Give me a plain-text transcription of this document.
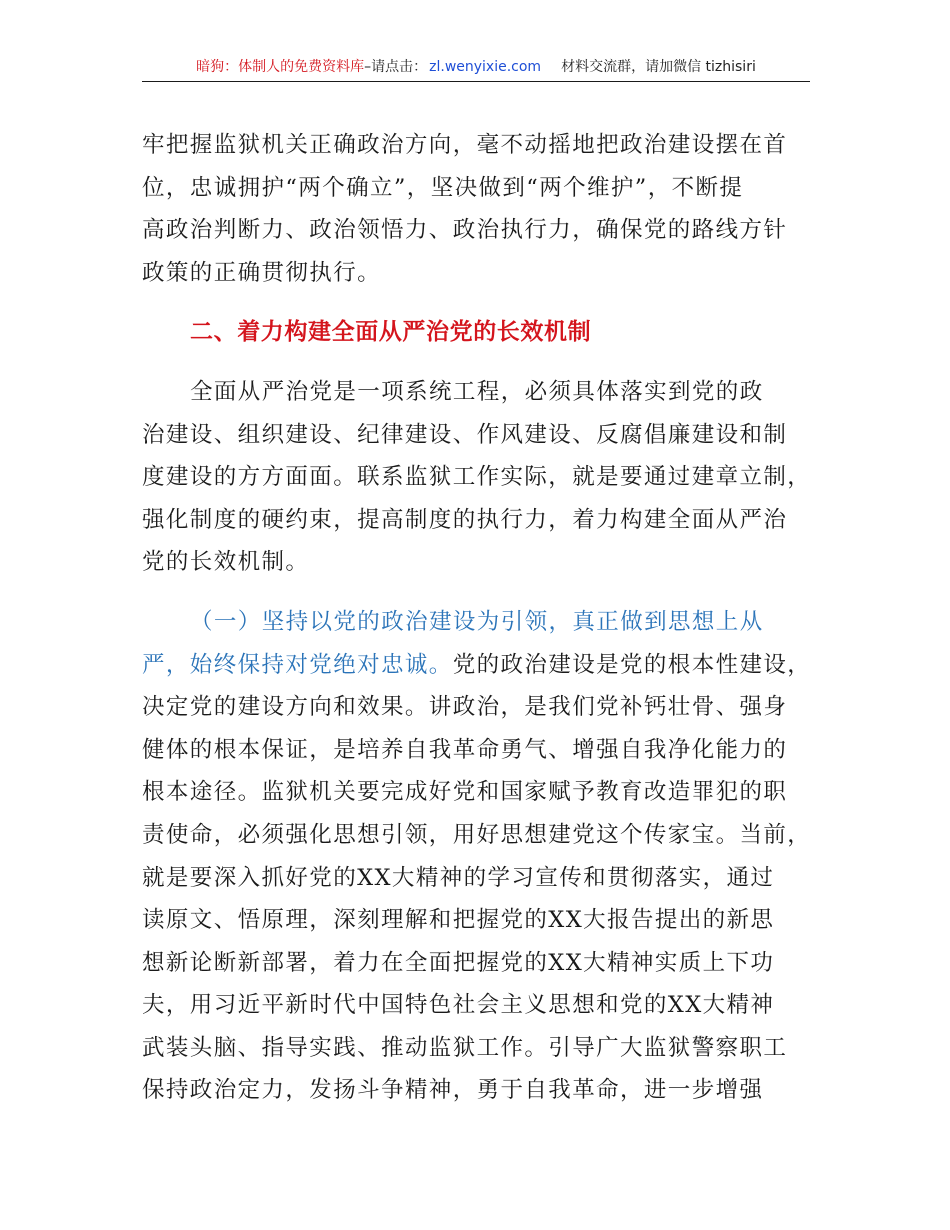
暗狗：体制人的免费资料库 –请点击： zl.wenyixie.com 材料交流群，请加微信 tizhisiri

牢把握监狱机关正确政治方向，毫不动摇地把政治建设摆在首
位，忠诚拥护“两个确立”，坚决做到“两个维护”，不断提
高政治判断力、政治领悟力、政治执行力，确保党的路线方针
政策的正确贯彻执行。

二、着力构建全面从严治党的长效机制

全面从严治党是一项系统工程，必须具体落实到党的政
治建设、组织建设、纪律建设、作风建设、反腐倡廉建设和制
度建设的方方面面。联系监狱工作实际，就是要通过建章立制，
强化制度的硬约束，提高制度的执行力，着力构建全面从严治
党的长效机制。

（一）坚持以党的政治建设为引领，真正做到思想上从
严，始终保持对党绝对忠诚。党的政治建设是党的根本性建设，
决定党的建设方向和效果。讲政治，是我们党补钙壮骨、强身
健体的根本保证，是培养自我革命勇气、增强自我净化能力的
根本途径。监狱机关要完成好党和国家赋予教育改造罪犯的职
责使命，必须强化思想引领，用好思想建党这个传家宝。当前，
就是要深入抓好党的XX大精神的学习宣传和贯彻落实，通过
读原文、悟原理，深刻理解和把握党的XX大报告提出的新思
想新论断新部署，着力在全面把握党的XX大精神实质上下功
夫，用习近平新时代中国特色社会主义思想和党的XX大精神
武装头脑、指导实践、推动监狱工作。引导广大监狱警察职工
保持政治定力，发扬斗争精神，勇于自我革命，进一步增强
